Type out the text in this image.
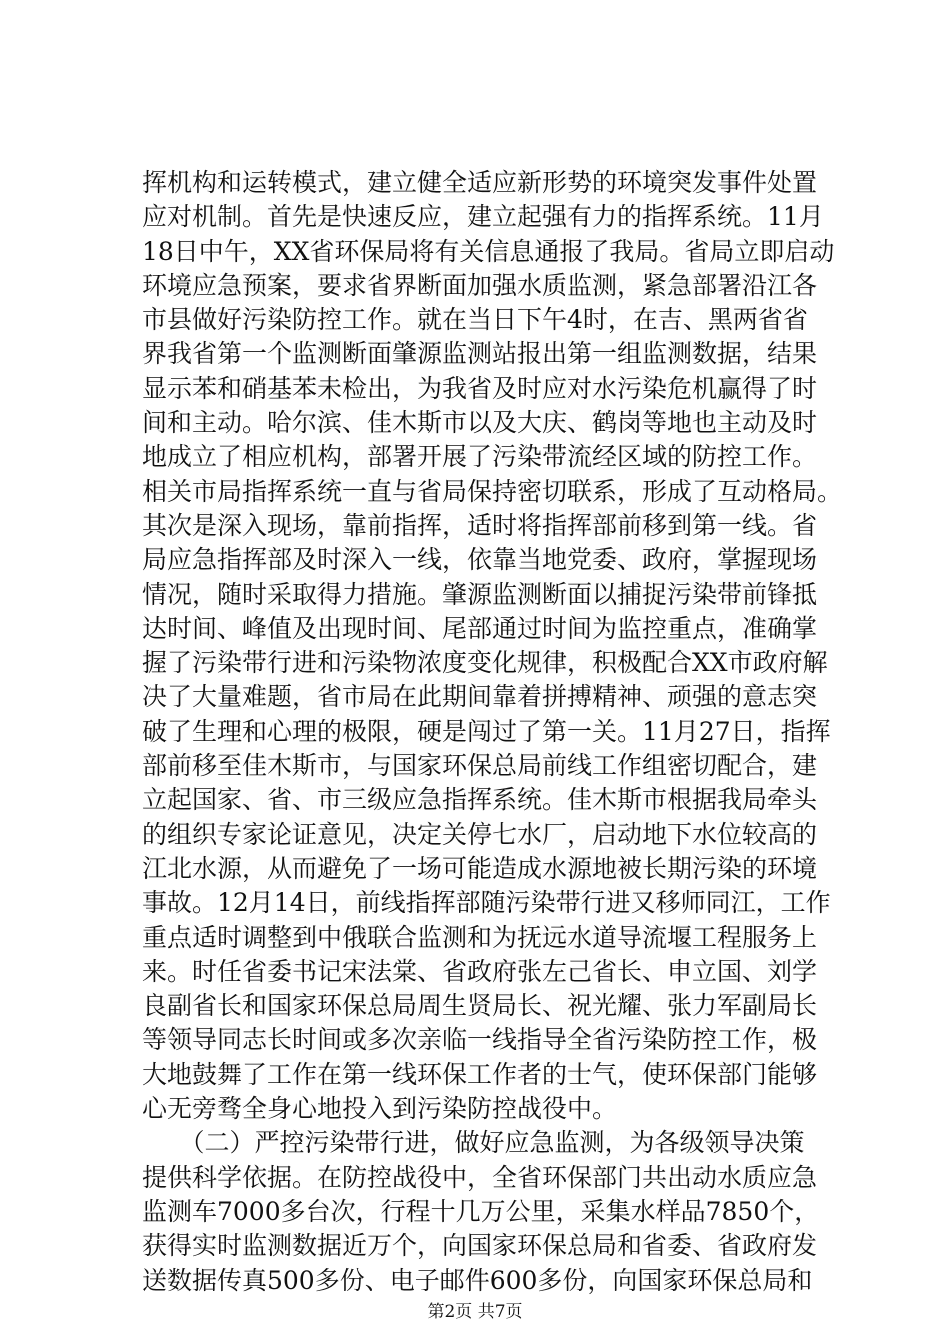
挥机构和运转模式，建立健全适应新形势的环境突发事件处置
应对机制。首先是快速反应，建立起强有力的指挥系统。11月
18日中午，XX省环保局将有关信息通报了我局。省局立即启动
环境应急预案，要求省界断面加强水质监测，紧急部署沿江各
市县做好污染防控工作。就在当日下午4时，在吉、黑两省省
界我省第一个监测断面肇源监测站报出第一组监测数据，结果
显示苯和硝基苯未检出，为我省及时应对水污染危机赢得了时
间和主动。哈尔滨、佳木斯市以及大庆、鹤岗等地也主动及时
地成立了相应机构，部署开展了污染带流经区域的防控工作。
相关市局指挥系统一直与省局保持密切联系，形成了互动格局。
其次是深入现场，靠前指挥，适时将指挥部前移到第一线。省
局应急指挥部及时深入一线，依靠当地党委、政府，掌握现场
情况，随时采取得力措施。肇源监测断面以捕捉污染带前锋抵
达时间、峰值及出现时间、尾部通过时间为监控重点，准确掌
握了污染带行进和污染物浓度变化规律，积极配合XX市政府解
决了大量难题，省市局在此期间靠着拼搏精神、顽强的意志突
破了生理和心理的极限，硬是闯过了第一关。11月27日，指挥
部前移至佳木斯市，与国家环保总局前线工作组密切配合，建
立起国家、省、市三级应急指挥系统。佳木斯市根据我局牵头
的组织专家论证意见，决定关停七水厂，启动地下水位较高的
江北水源，从而避免了一场可能造成水源地被长期污染的环境
事故。12月14日，前线指挥部随污染带行进又移师同江，工作
重点适时调整到中俄联合监测和为抚远水道导流堰工程服务上
来。时任省委书记宋法棠、省政府张左己省长、申立国、刘学
良副省长和国家环保总局周生贤局长、祝光耀、张力军副局长
等领导同志长时间或多次亲临一线指导全省污染防控工作，极
大地鼓舞了工作在第一线环保工作者的士气，使环保部门能够
心无旁骛全身心地投入到污染防控战役中。
　　（二）严控污染带行进，做好应急监测，为各级领导决策
提供科学依据。在防控战役中，全省环保部门共出动水质应急
监测车7000多台次，行程十几万公里，采集水样品7850个，
获得实时监测数据近万个，向国家环保总局和省委、省政府发
送数据传真500多份、电子邮件600多份，向国家环保总局和
第2页 共7页
